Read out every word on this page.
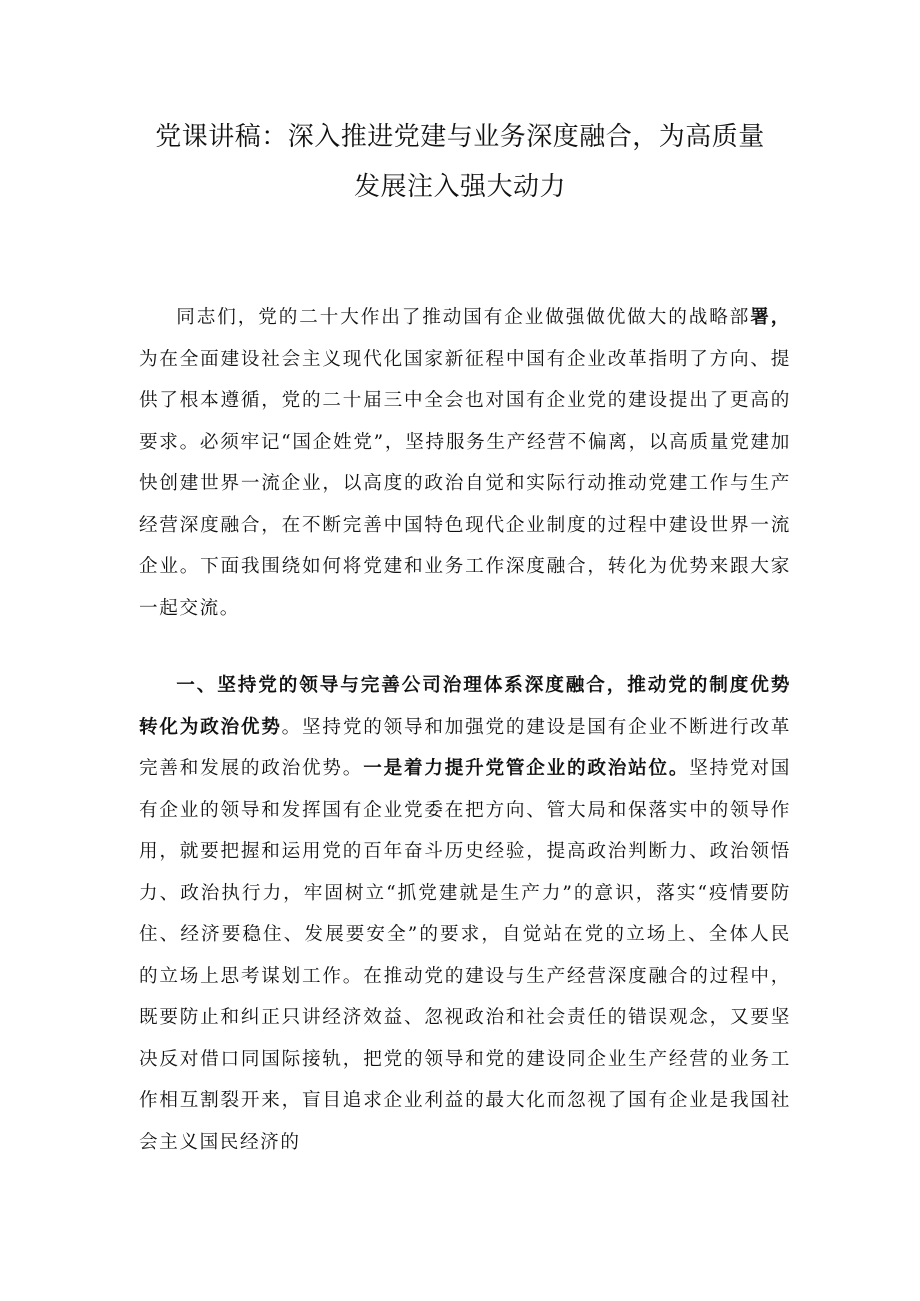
党课讲稿：深入推进党建与业务深度融合，为高质量
发展注入强大动力

同志们，党的二十大作出了推动国有企业做强做优做大的战略部署，为在全面建设社会主义现代化国家新征程中国有企业改革指明了方向、提供了根本遵循，党的二十届三中全会也对国有企业党的建设提出了更高的要求。必须牢记“国企姓党”，坚持服务生产经营不偏离，以高质量党建加快创建世界一流企业，以高度的政治自觉和实际行动推动党建工作与生产经营深度融合，在不断完善中国特色现代企业制度的过程中建设世界一流企业。下面我围绕如何将党建和业务工作深度融合，转化为优势来跟大家一起交流。

一、坚持党的领导与完善公司治理体系深度融合，推动党的制度优势转化为政治优势。坚持党的领导和加强党的建设是国有企业不断进行改革完善和发展的政治优势。一是着力提升党管企业的政治站位。坚持党对国有企业的领导和发挥国有企业党委在把方向、管大局和保落实中的领导作用，就要把握和运用党的百年奋斗历史经验，提高政治判断力、政治领悟力、政治执行力，牢固树立“抓党建就是生产力”的意识，落实“疫情要防住、经济要稳住、发展要安全”的要求，自觉站在党的立场上、全体人民的立场上思考谋划工作。在推动党的建设与生产经营深度融合的过程中，既要防止和纠正只讲经济效益、忽视政治和社会责任的错误观念，又要坚决反对借口同国际接轨，把党的领导和党的建设同企业生产经营的业务工作相互割裂开来，盲目追求企业利益的最大化而忽视了国有企业是我国社会主义国民经济的
